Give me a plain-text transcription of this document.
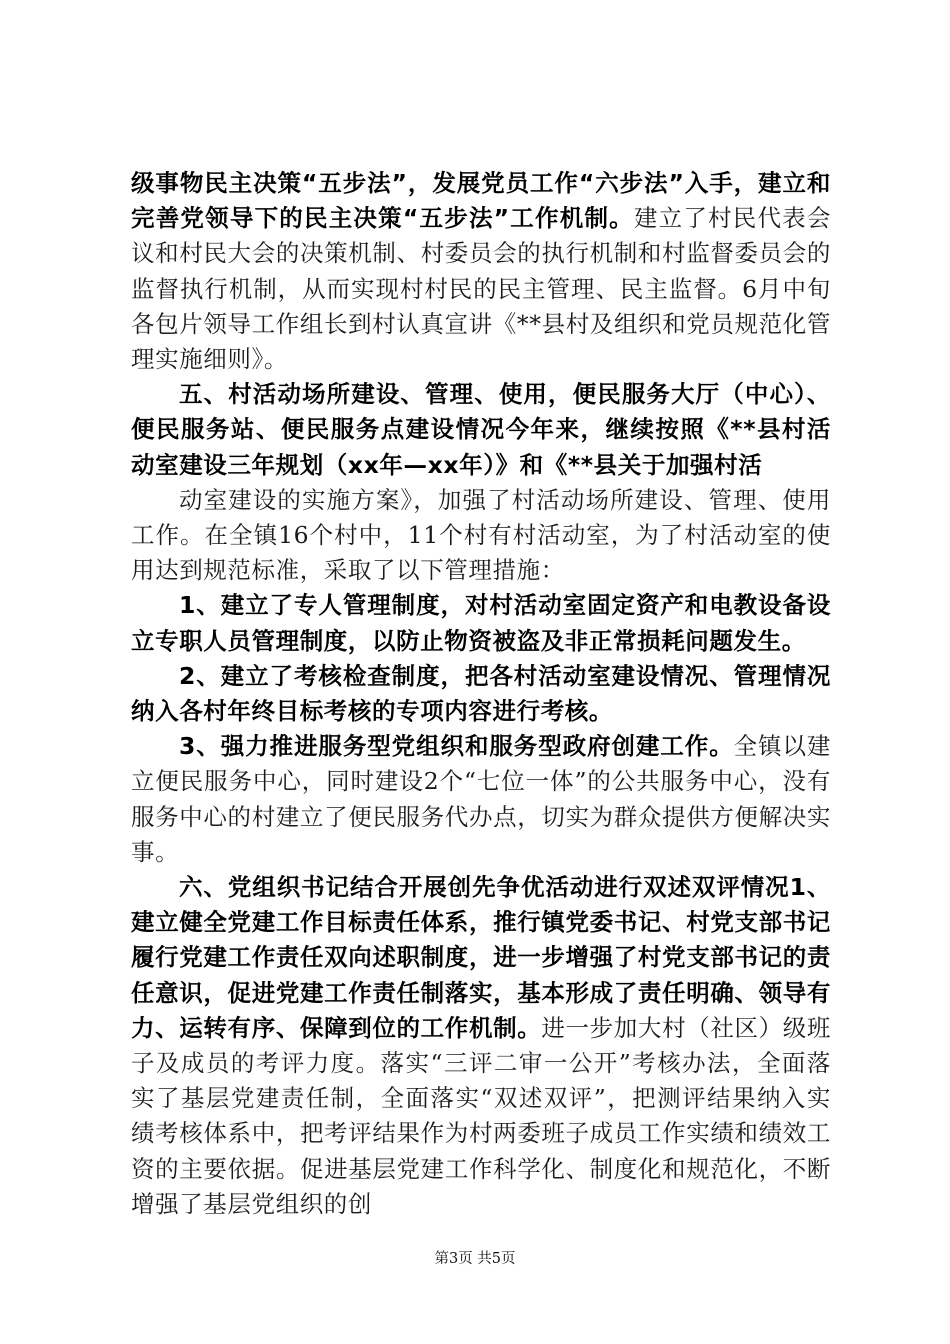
级事物民主决策“五步法”，发展党员工作“六步法”入手，建立和完善党领导下的民主决策“五步法”工作机制。建立了村民代表会议和村民大会的决策机制、村委员会的执行机制和村监督委员会的监督执行机制，从而实现村村民的民主管理、民主监督。6月中旬各包片领导工作组长到村认真宣讲《**县村及组织和党员规范化管理实施细则》。

五、村活动场所建设、管理、使用，便民服务大厅（中心）、便民服务站、便民服务点建设情况今年来，继续按照《**县村活动室建设三年规划（xx年—xx年）》和《**县关于加强村活

动室建设的实施方案》，加强了村活动场所建设、管理、使用工作。在全镇16个村中，11个村有村活动室，为了村活动室的使用达到规范标准，采取了以下管理措施：

1、建立了专人管理制度，对村活动室固定资产和电教设备设立专职人员管理制度，以防止物资被盗及非正常损耗问题发生。

2、建立了考核检查制度，把各村活动室建设情况、管理情况纳入各村年终目标考核的专项内容进行考核。

3、强力推进服务型党组织和服务型政府创建工作。全镇以建立便民服务中心，同时建设2个“七位一体”的公共服务中心，没有服务中心的村建立了便民服务代办点，切实为群众提供方便解决实事。

六、党组织书记结合开展创先争优活动进行双述双评情况1、建立健全党建工作目标责任体系，推行镇党委书记、村党支部书记履行党建工作责任双向述职制度，进一步增强了村党支部书记的责任意识，促进党建工作责任制落实，基本形成了责任明确、领导有力、运转有序、保障到位的工作机制。进一步加大村（社区）级班子及成员的考评力度。落实“三评二审一公开”考核办法，全面落实了基层党建责任制，全面落实“双述双评”，把测评结果纳入实绩考核体系中，把考评结果作为村两委班子成员工作实绩和绩效工资的主要依据。促进基层党建工作科学化、制度化和规范化，不断增强了基层党组织的创

第3页 共5页
